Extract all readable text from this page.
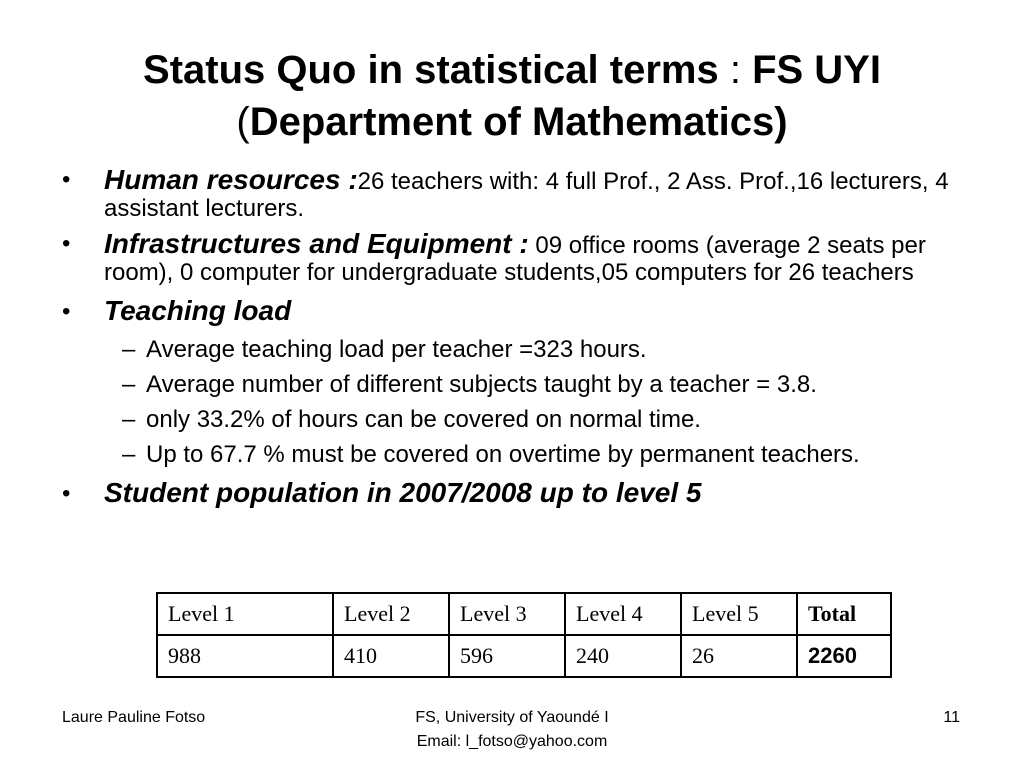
Status Quo in statistical terms : FS UYI
(Department of Mathematics)
• Human resources :26 teachers with: 4 full Prof., 2 Ass. Prof.,16 lecturers, 4 assistant lecturers.
• Infrastructures and Equipment : 09 office rooms (average 2 seats per room), 0 computer for undergraduate students,05 computers for 26 teachers
• Teaching load
– Average teaching load per teacher =323 hours.
– Average number of different subjects taught by a teacher = 3.8.
– only 33.2% of hours can be covered on normal time.
– Up to 67.7 % must be covered on overtime by permanent teachers.
• Student population in 2007/2008 up to level 5
Level 1	Level 2	Level 3	Level 4	Level 5	Total
988	410	596	240	26	2260
Laure Pauline Fotso	FS, University of Yaoundé I
Email: l_fotso@yahoo.com
11
